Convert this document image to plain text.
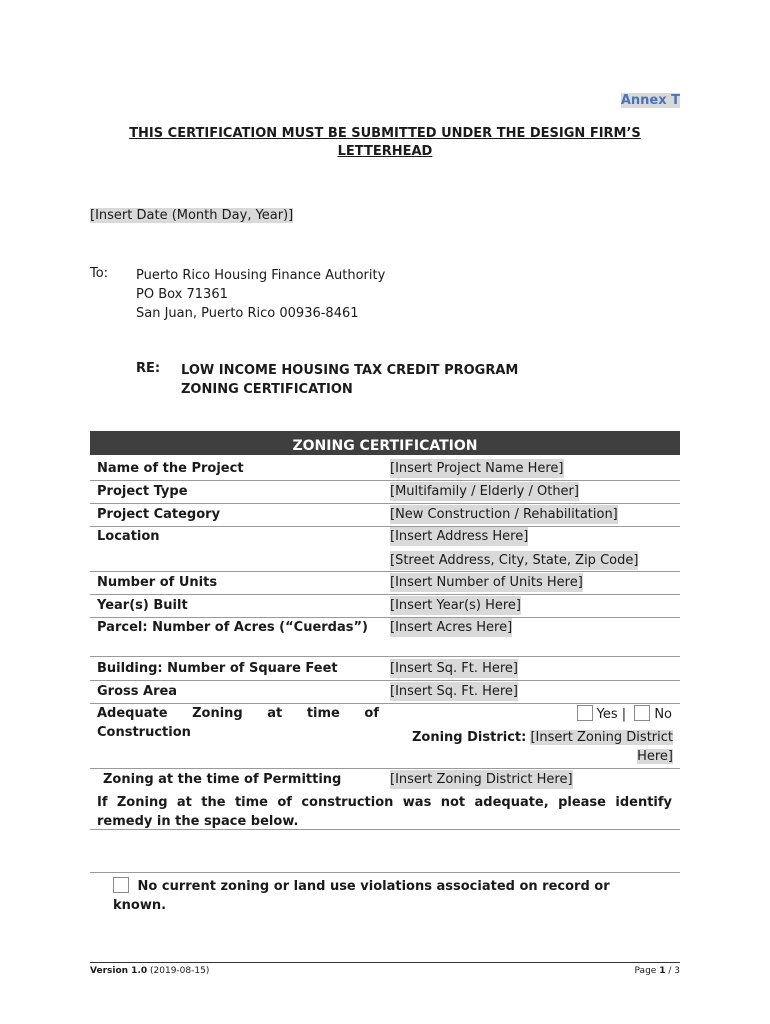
Annex T
THIS CERTIFICATION MUST BE SUBMITTED UNDER THE DESIGN FIRM’S
LETTERHEAD
[Insert Date (Month Day, Year)]
To: Puerto Rico Housing Finance Authority
PO Box 71361
San Juan, Puerto Rico 00936-8461
RE: LOW INCOME HOUSING TAX CREDIT PROGRAM
ZONING CERTIFICATION
ZONING CERTIFICATION
Name of the Project	[Insert Project Name Here]
Project Type	[Multifamily / Elderly / Other]
Project Category	[New Construction / Rehabilitation]
Location	[Insert Address Here]
[Street Address, City, State, Zip Code]
Number of Units	[Insert Number of Units Here]
Year(s) Built	[Insert Year(s) Here]
Parcel: Number of Acres (“Cuerdas”)	[Insert Acres Here]
Building: Number of Square Feet	[Insert Sq. Ft. Here]
Gross Area	[Insert Sq. Ft. Here]
Adequate Zoning at time of Construction
Yes | No
Zoning District: [Insert Zoning District Here]
Zoning at the time of Permitting	[Insert Zoning District Here]
If Zoning at the time of construction was not adequate, please identify remedy in the space below.
No current zoning or land use violations associated on record or known.
Version 1.0 (2019-08-15)	Page 1 / 3
